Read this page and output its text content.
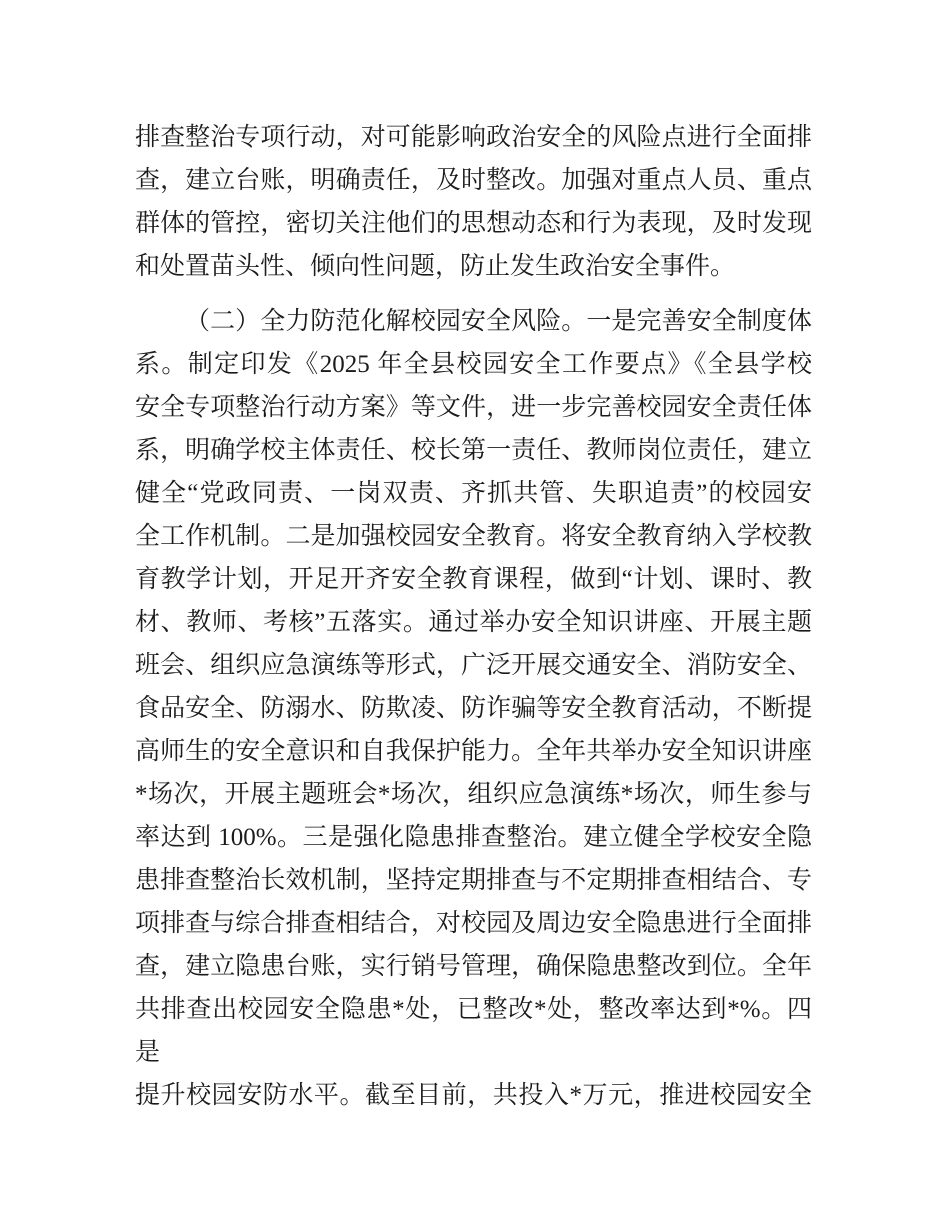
排查整治专项行动，对可能影响政治安全的风险点进行全面排
查，建立台账，明确责任，及时整改。加强对重点人员、重点
群体的管控，密切关注他们的思想动态和行为表现，及时发现
和处置苗头性、倾向性问题，防止发生政治安全事件。
（二）全力防范化解校园安全风险。一是完善安全制度体
系。制定印发《2025 年全县校园安全工作要点》《全县学校
安全专项整治行动方案》等文件，进一步完善校园安全责任体
系，明确学校主体责任、校长第一责任、教师岗位责任，建立
健全“党政同责、一岗双责、齐抓共管、失职追责”的校园安
全工作机制。二是加强校园安全教育。将安全教育纳入学校教
育教学计划，开足开齐安全教育课程，做到“计划、课时、教
材、教师、考核”五落实。通过举办安全知识讲座、开展主题
班会、组织应急演练等形式，广泛开展交通安全、消防安全、
食品安全、防溺水、防欺凌、防诈骗等安全教育活动，不断提
高师生的安全意识和自我保护能力。全年共举办安全知识讲座
*场次，开展主题班会*场次，组织应急演练*场次，师生参与
率达到 100%。三是强化隐患排查整治。建立健全学校安全隐
患排查整治长效机制，坚持定期排查与不定期排查相结合、专
项排查与综合排查相结合，对校园及周边安全隐患进行全面排
查，建立隐患台账，实行销号管理，确保隐患整改到位。全年
共排查出校园安全隐患*处，已整改*处，整改率达到*%。四是
提升校园安防水平。截至目前，共投入*万元，推进校园安全
